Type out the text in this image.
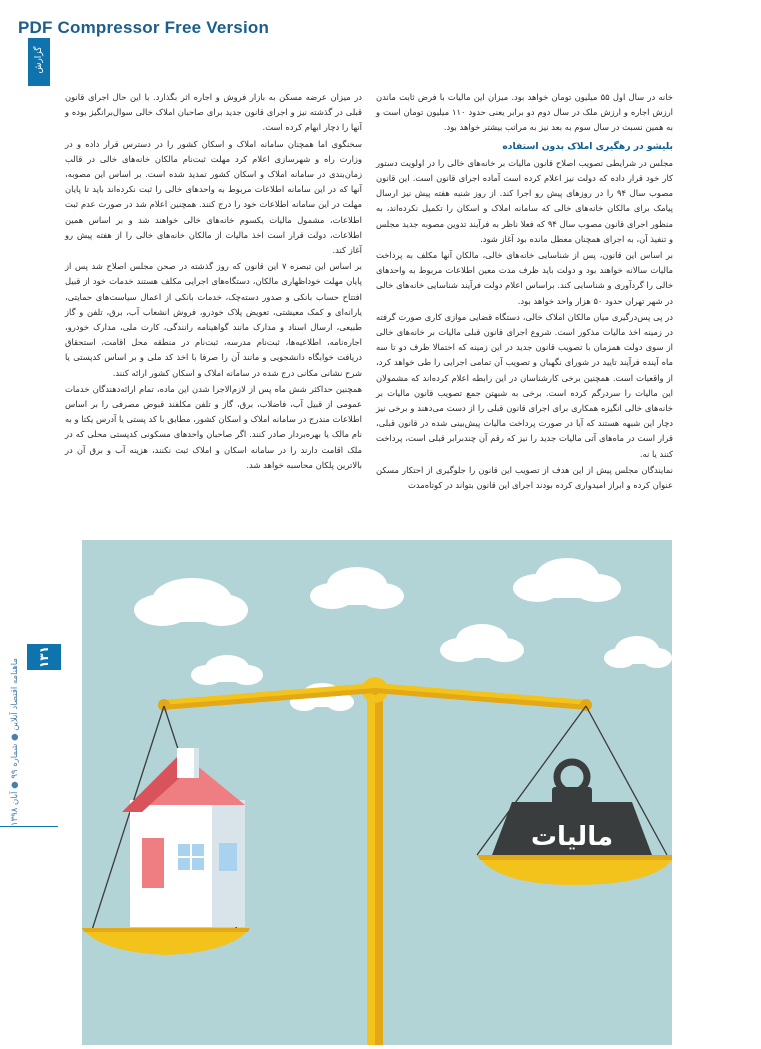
PDF Compressor Free Version
گزارش
ماهنامه اقتصاد آنلاین ● شماره ۹۹ ● آبان ۱۳۹۸
۱۳۱

خانه در سال اول ۵۵ میلیون تومان خواهد بود. میزان این مالیات با فرض ثابت ماندن ارزش اجاره و ارزش ملک در سال دوم دو برابر یعنی حدود ۱۱۰ میلیون تومان است و به همین نسبت در سال سوم به بعد نیز به مراتب بیشتر خواهد بود.

بلیشو در رهگیری املاک بدون استفاده

مجلس در شرایطی تصویب اصلاح قانون مالیات بر خانه‌های خالی را در اولویت دستور کار خود قرار داده که دولت نیز اعلام کرده است آماده اجرای قانون است. این قانون مصوب سال ۹۴ را در روزهای پیش رو اجرا کند. از روز شنبه هفته پیش نیز ارسال پیامک برای مالکان خانه‌های خالی که سامانه املاک و اسکان را تکمیل نکرده‌اند، به منظور اجرای قانون مصوب سال ۹۴ که فعلا ناظر به فرآیند تدوین مصوبه جدید مجلس و تنفیذ آن، به اجرای همچنان معطل مانده بود آغاز شود.

بر اساس این قانون، پس از شناسایی خانه‌های خالی، مالکان آنها مکلف به پرداخت مالیات سالانه خواهند بود و دولت باید ظرف مدت معین اطلاعات مربوط به واحدهای خالی را گردآوری و شناسایی کند. براساس اعلام دولت فرآیند شناسایی خانه‌های خالی در شهر تهران حدود ۵۰ هزار واحد خواهد بود.

در پی پس‌درگیری میان مالکان املاک خالی، دستگاه قضایی موازی کاری صورت گرفته در زمینه اخذ مالیات مذکور است. شروع اجرای قانون قبلی مالیات بر خانه‌های خالی از سوی دولت همزمان با تصویب قانون جدید در این زمینه که احتمالا ظرف دو تا سه ماه آینده فرآیند تایید در شورای نگهبان و تصویب آن تمامی اجرایی را طی خواهد کرد، از واقعیات است. همچنین برخی کارشناسان در این رابطه اعلام کرده‌اند که مشمولان این مالیات را سردرگم کرده است. برخی به شبهتن جمع تصویب قانون مالیات بر خانه‌های خالی انگیزه همکاری برای اجرای قانون قبلی را از دست می‌دهند و برخی نیز دچار این شبهه هستند که آیا در صورت پرداخت مالیات پیش‌بینی شده در قانون قبلی، قرار است در ماه‌های آتی مالیات جدید را نیز که رقم آن چندبرابر قبلی است، پرداخت کنند یا نه.

نمایندگان مجلس پیش از این هدف از تصویب این قانون را جلوگیری از احتکار مسکن عنوان کرده و ابراز امیدواری کرده بودند اجرای این قانون بتواند در کوتاه‌مدت

در میزان عرضه مسکن به بازار فروش و اجاره اثر بگذارد. با این حال اجرای قانون قبلی در گذشته نیز و اجرای قانون جدید برای صاحبان املاک خالی سوال‌برانگیز بوده و آنها را دچار ابهام کرده است.

سخنگوی اما همچنان سامانه املاک و اسکان کشور را در دسترس قرار داده و در وزارت راه و شهرسازی اعلام کرد مهلت ثبت‌نام مالکان خانه‌های خالی در قالب زمان‌بندی در سامانه املاک و اسکان کشور تمدید شده است. بر اساس این مصوبه، آنها که در این سامانه اطلاعات مربوط به واحدهای خالی را ثبت نکرده‌اند باید تا پایان مهلت در این سامانه اطلاعات خود را درج کنند. همچنین اعلام شد در صورت عدم ثبت اطلاعات، مشمول مالیات یکسوم خانه‌های خالی خواهند شد و بر اساس همین اطلاعات، دولت قرار است اخذ مالیات از مالکان خانه‌های خالی را از هفته پیش رو آغاز کند.

بر اساس این تبصره ۷ این قانون که روز گذشته در صحن مجلس اصلاح شد پس از پایان مهلت خوداظهاری مالکان، دستگاه‌های اجرایی مکلف هستند خدمات خود از قبیل افتتاح حساب بانکی و صدور دسته‌چک، خدمات بانکی از اعمال سیاست‌های حمایتی، یارانه‌ای و کمک معیشتی، تعویض پلاک خودرو، فروش انشعاب آب، برق، تلفن و گاز طبیعی، ارسال اسناد و مدارک مانند گواهینامه رانندگی، کارت ملی، مدارک خودرو، اجاره‌نامه، اطلاعیه‌ها، ثبت‌نام مدرسه، ثبت‌نام در منطقه محل اقامت، استحقاق دریافت خوابگاه دانشجویی و مانند آن را صرفا با اخذ کد ملی و بر اساس کدپستی یا شرح نشانی مکانی درج شده در سامانه املاک و اسکان کشور ارائه کنند.

همچنین حداکثر شش ماه پس از لازم‌الاجرا شدن این ماده، تمام ارائه‌دهندگان خدمات عمومی از قبیل آب، فاضلاب، برق، گاز و تلفن مکلفند قبوض مصرفی را بر اساس اطلاعات مندرج در سامانه املاک و اسکان کشور، مطابق با کد پستی یا آدرس یکتا و به نام مالک یا بهره‌بردار صادر کنند. اگر صاحبان واحدهای مسکونی کدپستی محلی که در ملک اقامت دارند را در سامانه اسکان و املاک ثبت نکنند، هزینه آب و برق آن در بالاترین پلکان محاسبه خواهد شد.

مالیات
